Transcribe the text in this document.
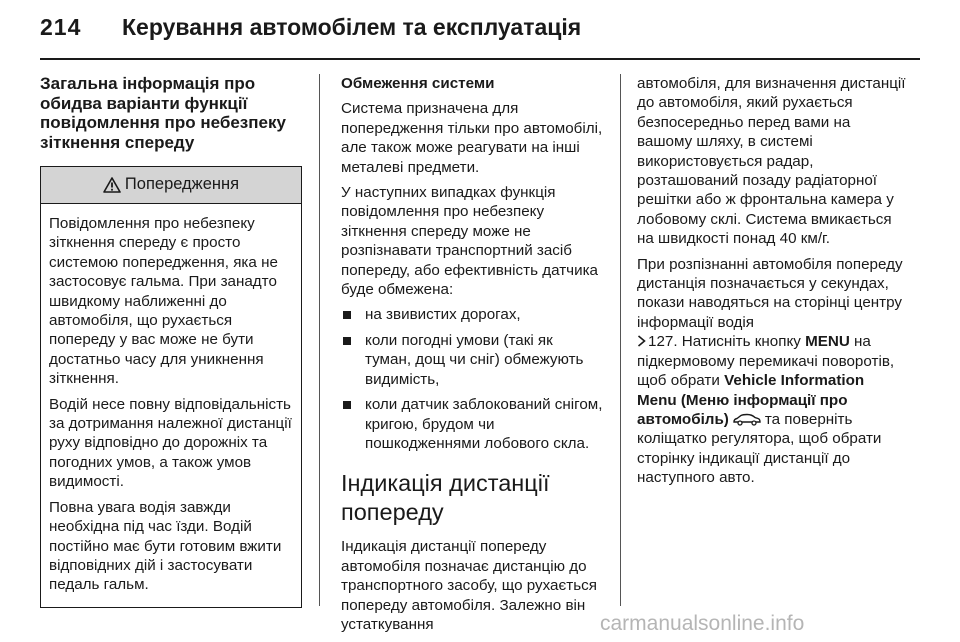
214 Керування автомобілем та експлуатація
Загальна інформація про обидва варіанти функції повідомлення про небезпеку зіткнення спереду
Попередження

Повідомлення про небезпеку зіткнення спереду є просто системою попередження, яка не застосовує гальма. При занадто швидкому наближенні до автомобіля, що рухається попереду у вас може не бути достатньо часу для уникнення зіткнення.

Водій несе повну відповідальність за дотримання належної дистанції руху відповідно до дорожніх та погодних умов, а також умов видимості.

Повна увага водія завжди необхідна під час їзди. Водій постійно має бути готовим вжити відповідних дій і застосувати педаль гальм.

Обмеження системи

Система призначена для попередження тільки про автомобілі, але також може реагувати на інші металеві предмети.

У наступних випадках функція повідомлення про небезпеку зіткнення спереду може не розпізнавати транспортний засіб попереду, або ефективність датчика буде обмежена:

на звивистих дорогах,
коли погодні умови (такі як туман, дощ чи сніг) обмежують видимість,
коли датчик заблокований снігом, кригою, брудом чи пошкодженнями лобового скла.
Індикація дистанції попереду

Індикація дистанції попереду автомобіля позначає дистанцію до транспортного засобу, що рухається попереду автомобіля. Залежно він устаткування

автомобіля, для визначення дистанції до автомобіля, який рухається безпосередньо перед вами на вашому шляху, в системі використовується радар, розташований позаду радіаторної решітки або ж фронтальна камера у лобовому склі. Система вмикається на швидкості понад 40 км/г.

При розпізнанні автомобіля попереду дистанція позначається у секундах, покази наводяться на сторінці центру інформації водія
127. Натисніть кнопку MENU на підкермовому перемикачі поворотів, щоб обрати Vehicle Information Menu (Меню інформації про автомобіль) та поверніть коліщатко регулятора, щоб обрати сторінку індикації дистанції до наступного авто.

carmanualsonline.info
